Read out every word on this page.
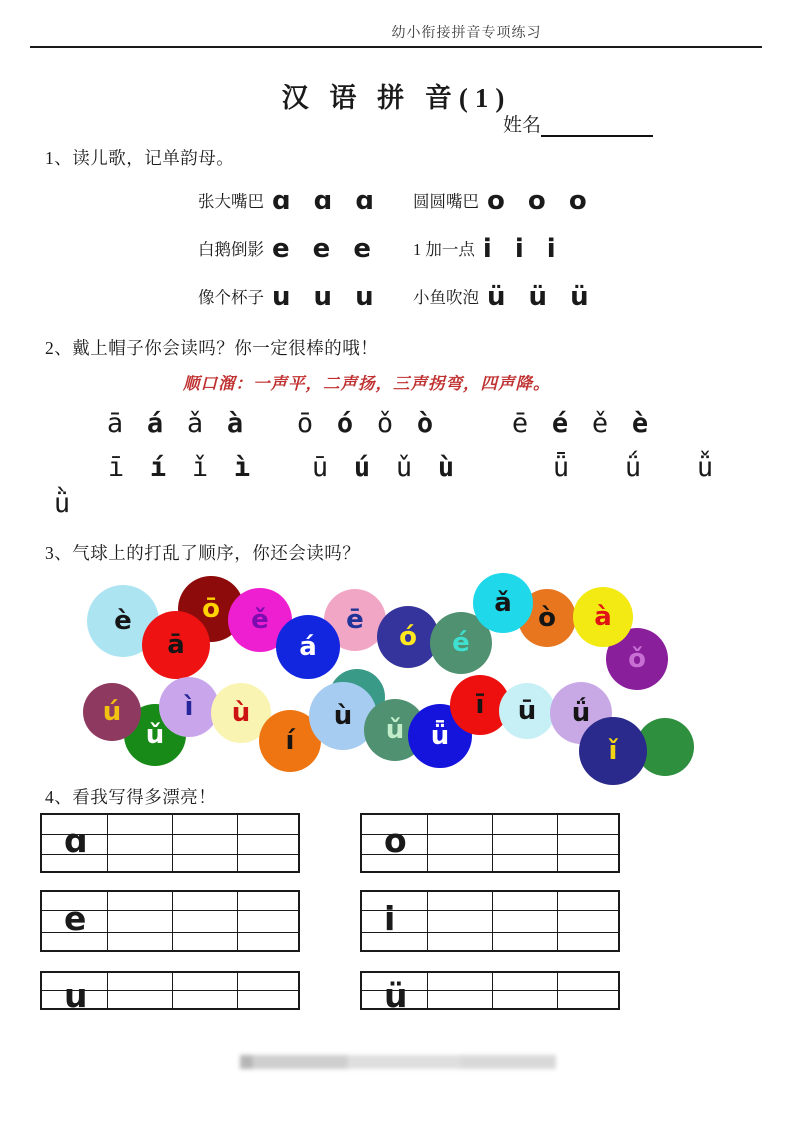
幼小衔接拼音专项练习
汉 语 拼 音(1)
姓名
1、读儿歌，记单韵母。
张大嘴巴 ɑ ɑ ɑ 圆圆嘴巴 o o o
白鹅倒影 e e e 1 加一点 i i i
像个杯子 u u u 小鱼吹泡 ü ü ü
2、戴上帽子你会读吗？你一定很棒的哦！
顺口溜：一声平，二声扬，三声拐弯，四声降。
ā á ǎ à	ō ó ǒ ò	ē é ě è
ī í ǐ ì	ū ú ǔ ù	ǖ	ǘ	ǚ
ǜ
3、气球上的打乱了顺序，你还会读吗？
è	ō
ā
ě	ē
á	ó é
ò
ǎ
ǒ
à
ǔ
ú ì ù
í
ù ǔ ǖ
ī ū ǘ
ǐ
4、看我写得多漂亮！
ɑ	o
e	i
u	ü
